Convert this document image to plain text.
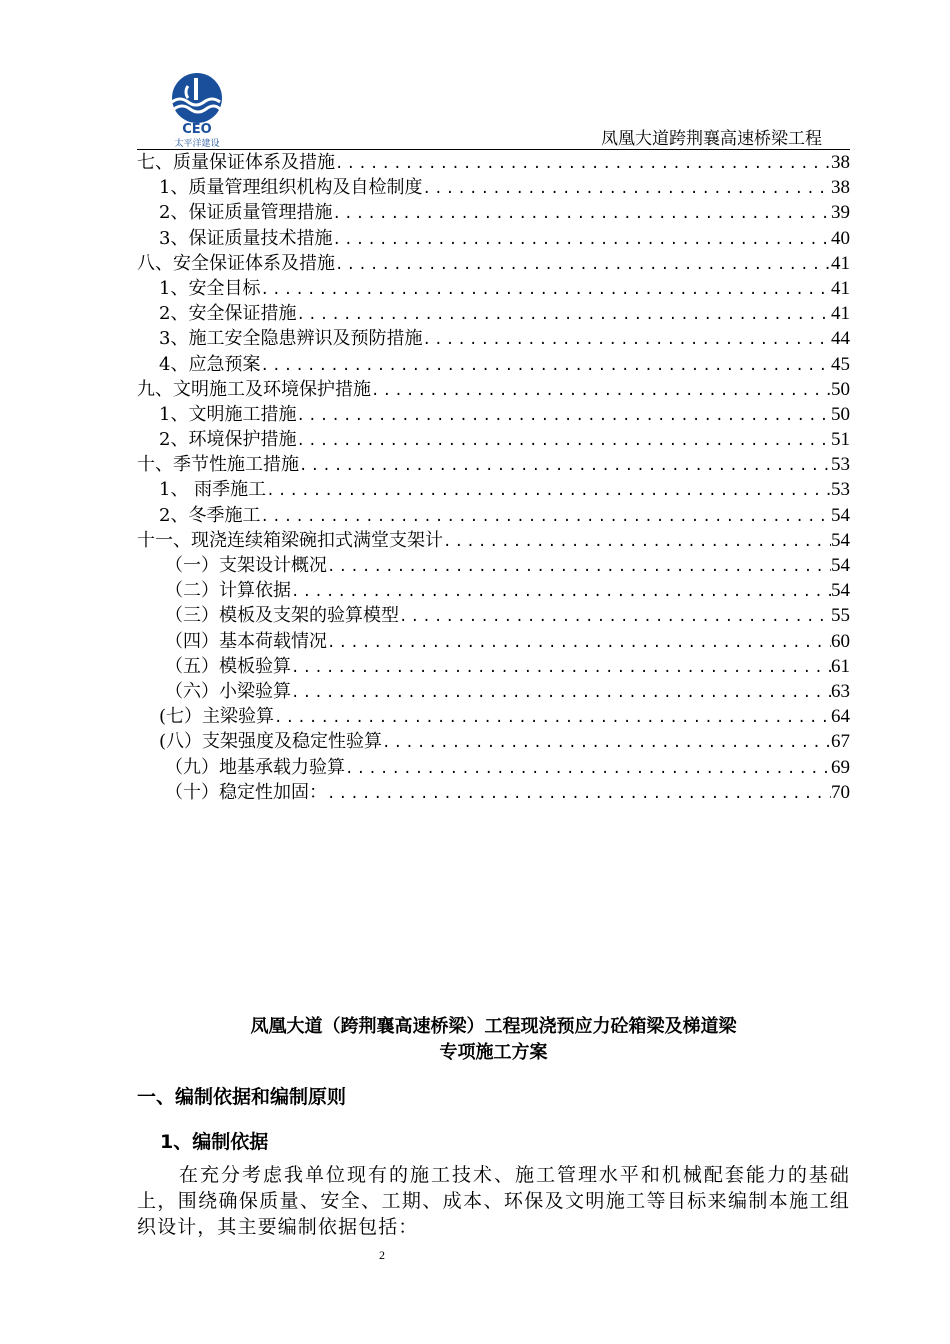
CEO
太平洋建设	凤凰大道跨荆襄高速桥梁工程
七、质量保证体系及措施 .....	38
1、质量管理组织机构及自检制度 .....	38
2、保证质量管理措施 .....	39
3、保证质量技术措施 .....	40
八、安全保证体系及措施 .....	41
1、安全目标 .....	41
2、安全保证措施 .....	41
3、施工安全隐患辨识及预防措施 .....	44
4、应急预案 .....	45
九、文明施工及环境保护措施 .....	50
1、文明施工措施 .....	50
2、环境保护措施 .....	51
十、季节性施工措施 .....	53
1、 雨季施工 .....	53
2、冬季施工 .....	54
十一、现浇连续箱梁碗扣式满堂支架计 .....	54
（一）支架设计概况 .....	54
（二）计算依据 .....	54
（三）模板及支架的验算模型 .....	55
（四）基本荷载情况 .....	60
（五）模板验算 .....	61
（六）小梁验算 .....	63
(七）主梁验算 .....	64
(八）支架强度及稳定性验算 .....	67
（九）地基承载力验算 .....	69
（十）稳定性加固： .....	70
凤凰大道（跨荆襄高速桥梁）工程现浇预应力砼箱梁及梯道梁
专项施工方案
一、编制依据和编制原则
1、编制依据
在充分考虑我单位现有的施工技术、施工管理水平和机械配套能力的基础上，围绕确保质量、安全、工期、成本、环保及文明施工等目标来编制本施工组织设计，其主要编制依据包括：
2
